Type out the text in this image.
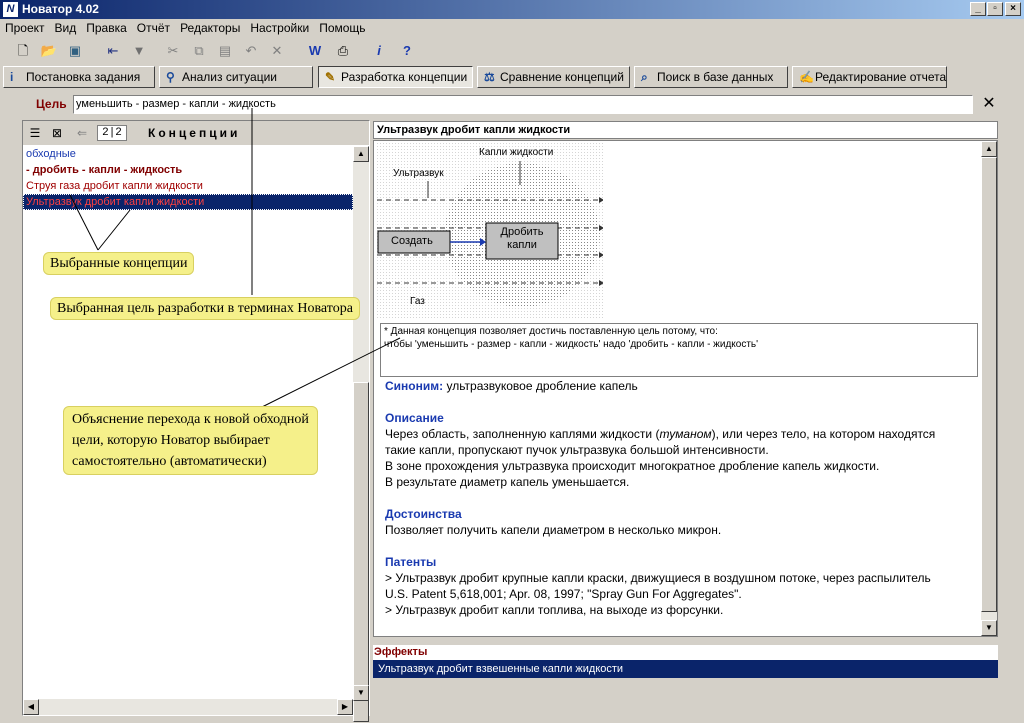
N Новатор 4.02	_	▫	×
Проект Вид Правка Отчёт Редакторы Настройки Помощь
🗋 📂 ▣	⇤	▼	✂	⧉	▤	↶	✕	W	⎙	i	?
i Постановка задания	⚲ Анализ ситуации	✎ Разработка концепции	⚖ Сравнение концепций	⌕ Поиск в базе данных	✍Редактирование отчета
Цель уменьшить - размер - капли - жидкость	✕
☰ ⊠	⇐	2|2	Концепции
обходные
- дробить - капли - жидкость
Струя газа дробит капли жидкости
Ультразвук дробит капли жидкости
▲
▼
◀	▶
Ультразвук дробит капли жидкости
Капли жидкости
Ультразвук
Создать
Дробить
капли
Газ
* Данная концепция позволяет достичь поставленную цель потому, что:
чтобы 'уменьшить - размер - капли - жидкость' надо 'дробить - капли - жидкость'
Синоним: ультразвуковое дробление капель
Описание
Через область, заполненную каплями жидкости (туманом), или через тело, на котором находятся
такие капли, пропускают пучок ультразвука большой интенсивности.
В зоне прохождения ультразвука происходит многократное дробление капель жидкости.
В результате диаметр капель уменьшается.
Достоинства
Позволяет получить капели диаметром в несколько микрон.
Патенты
> Ультразвук дробит крупные капли краски, движущиеся в воздушном потоке, через распылитель
U.S. Patent 5,618,001; Apr. 08, 1997; "Spray Gun For Aggregates".
> Ультразвук дробит капли топлива, на выходе из форсунки.
▲
▼
Эффекты
Ультразвук дробит взвешенные капли жидкости
Выбранные концепции
Выбранная цель разработки в терминах Новатора
Объяснение перехода к новой обходной
цели, которую Новатор выбирает
самостоятельно (автоматически)
